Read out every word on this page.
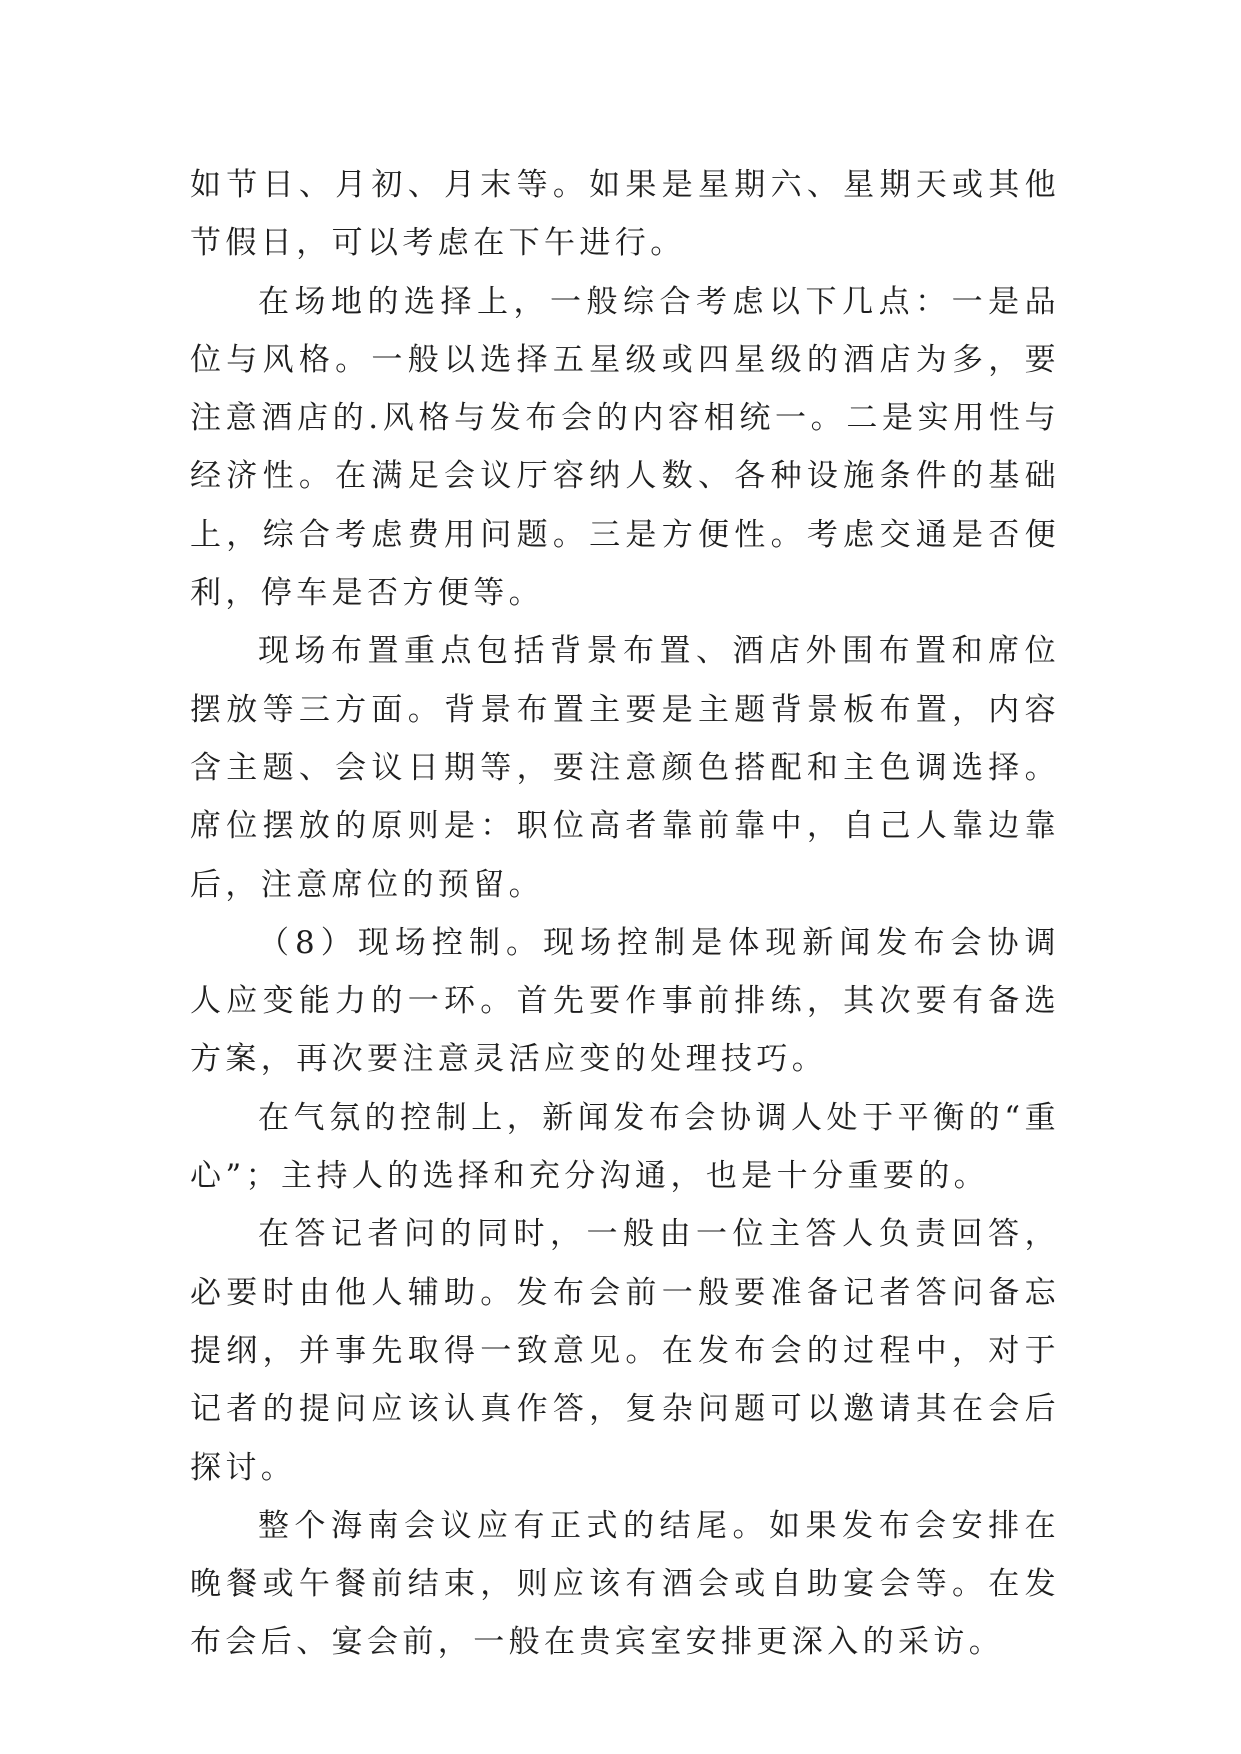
如节日、月初、月末等。如果是星期六、星期天或其他节假日，可以考虑在下午进行。

在场地的选择上，一般综合考虑以下几点：一是品位与风格。一般以选择五星级或四星级的酒店为多，要注意酒店的.风格与发布会的内容相统一。二是实用性与经济性。在满足会议厅容纳人数、各种设施条件的基础上，综合考虑费用问题。三是方便性。考虑交通是否便利，停车是否方便等。

现场布置重点包括背景布置、酒店外围布置和席位摆放等三方面。背景布置主要是主题背景板布置，内容含主题、会议日期等，要注意颜色搭配和主色调选择。席位摆放的原则是：职位高者靠前靠中，自己人靠边靠后，注意席位的预留。

（8）现场控制。现场控制是体现新闻发布会协调人应变能力的一环。首先要作事前排练，其次要有备选方案，再次要注意灵活应变的处理技巧。

在气氛的控制上，新闻发布会协调人处于平衡的“重心”；主持人的选择和充分沟通，也是十分重要的。

在答记者问的同时，一般由一位主答人负责回答，必要时由他人辅助。发布会前一般要准备记者答问备忘提纲，并事先取得一致意见。在发布会的过程中，对于记者的提问应该认真作答，复杂问题可以邀请其在会后探讨。

整个海南会议应有正式的结尾。如果发布会安排在晚餐或午餐前结束，则应该有酒会或自助宴会等。在发布会后、宴会前，一般在贵宾室安排更深入的采访。
